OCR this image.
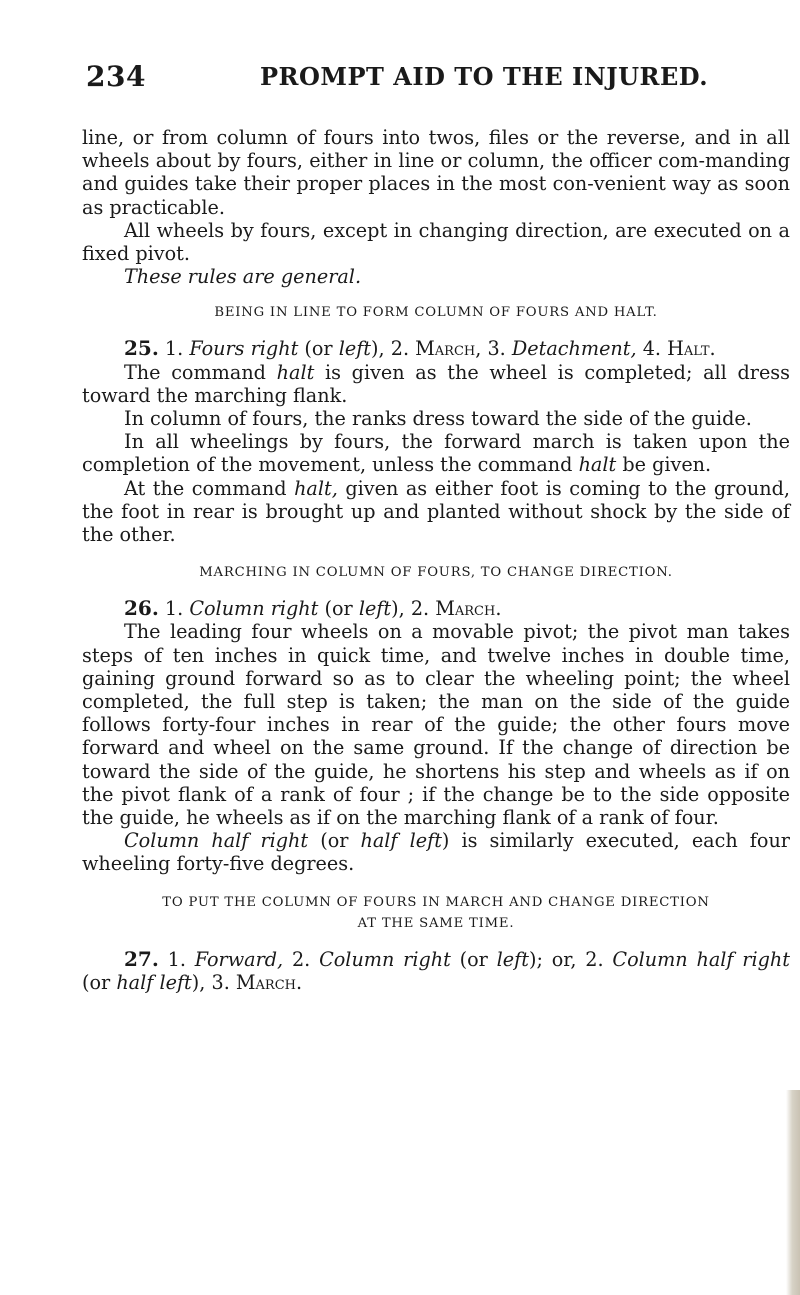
234	PROMPT AID TO THE INJURED.

line, or from column of fours into twos, files or the reverse, and in all wheels about by fours, either in line or column, the officer com-manding and guides take their proper places in the most con-venient way as soon as practicable.

All wheels by fours, except in changing direction, are executed on a fixed pivot.

These rules are general.

BEING IN LINE TO FORM COLUMN OF FOURS AND HALT.

25. 1. Fours right (or left), 2. March, 3. Detachment, 4. Halt.

The command halt is given as the wheel is completed; all dress toward the marching flank.

In column of fours, the ranks dress toward the side of the guide.

In all wheelings by fours, the forward march is taken upon the completion of the movement, unless the command halt be given.

At the command halt, given as either foot is coming to the ground, the foot in rear is brought up and planted without shock by the side of the other.

MARCHING IN COLUMN OF FOURS, TO CHANGE DIRECTION.

26. 1. Column right (or left), 2. March.

The leading four wheels on a movable pivot; the pivot man takes steps of ten inches in quick time, and twelve inches in double time, gaining ground forward so as to clear the wheeling point; the wheel completed, the full step is taken; the man on the side of the guide follows forty-four inches in rear of the guide; the other fours move forward and wheel on the same ground. If the change of direction be toward the side of the guide, he shortens his step and wheels as if on the pivot flank of a rank of four ; if the change be to the side opposite the guide, he wheels as if on the marching flank of a rank of four.

Column half right (or half left) is similarly executed, each four wheeling forty-five degrees.

TO PUT THE COLUMN OF FOURS IN MARCH AND CHANGE DIRECTION
AT THE SAME TIME.

27. 1. Forward, 2. Column right (or left); or, 2. Column half right (or half left), 3. March.
